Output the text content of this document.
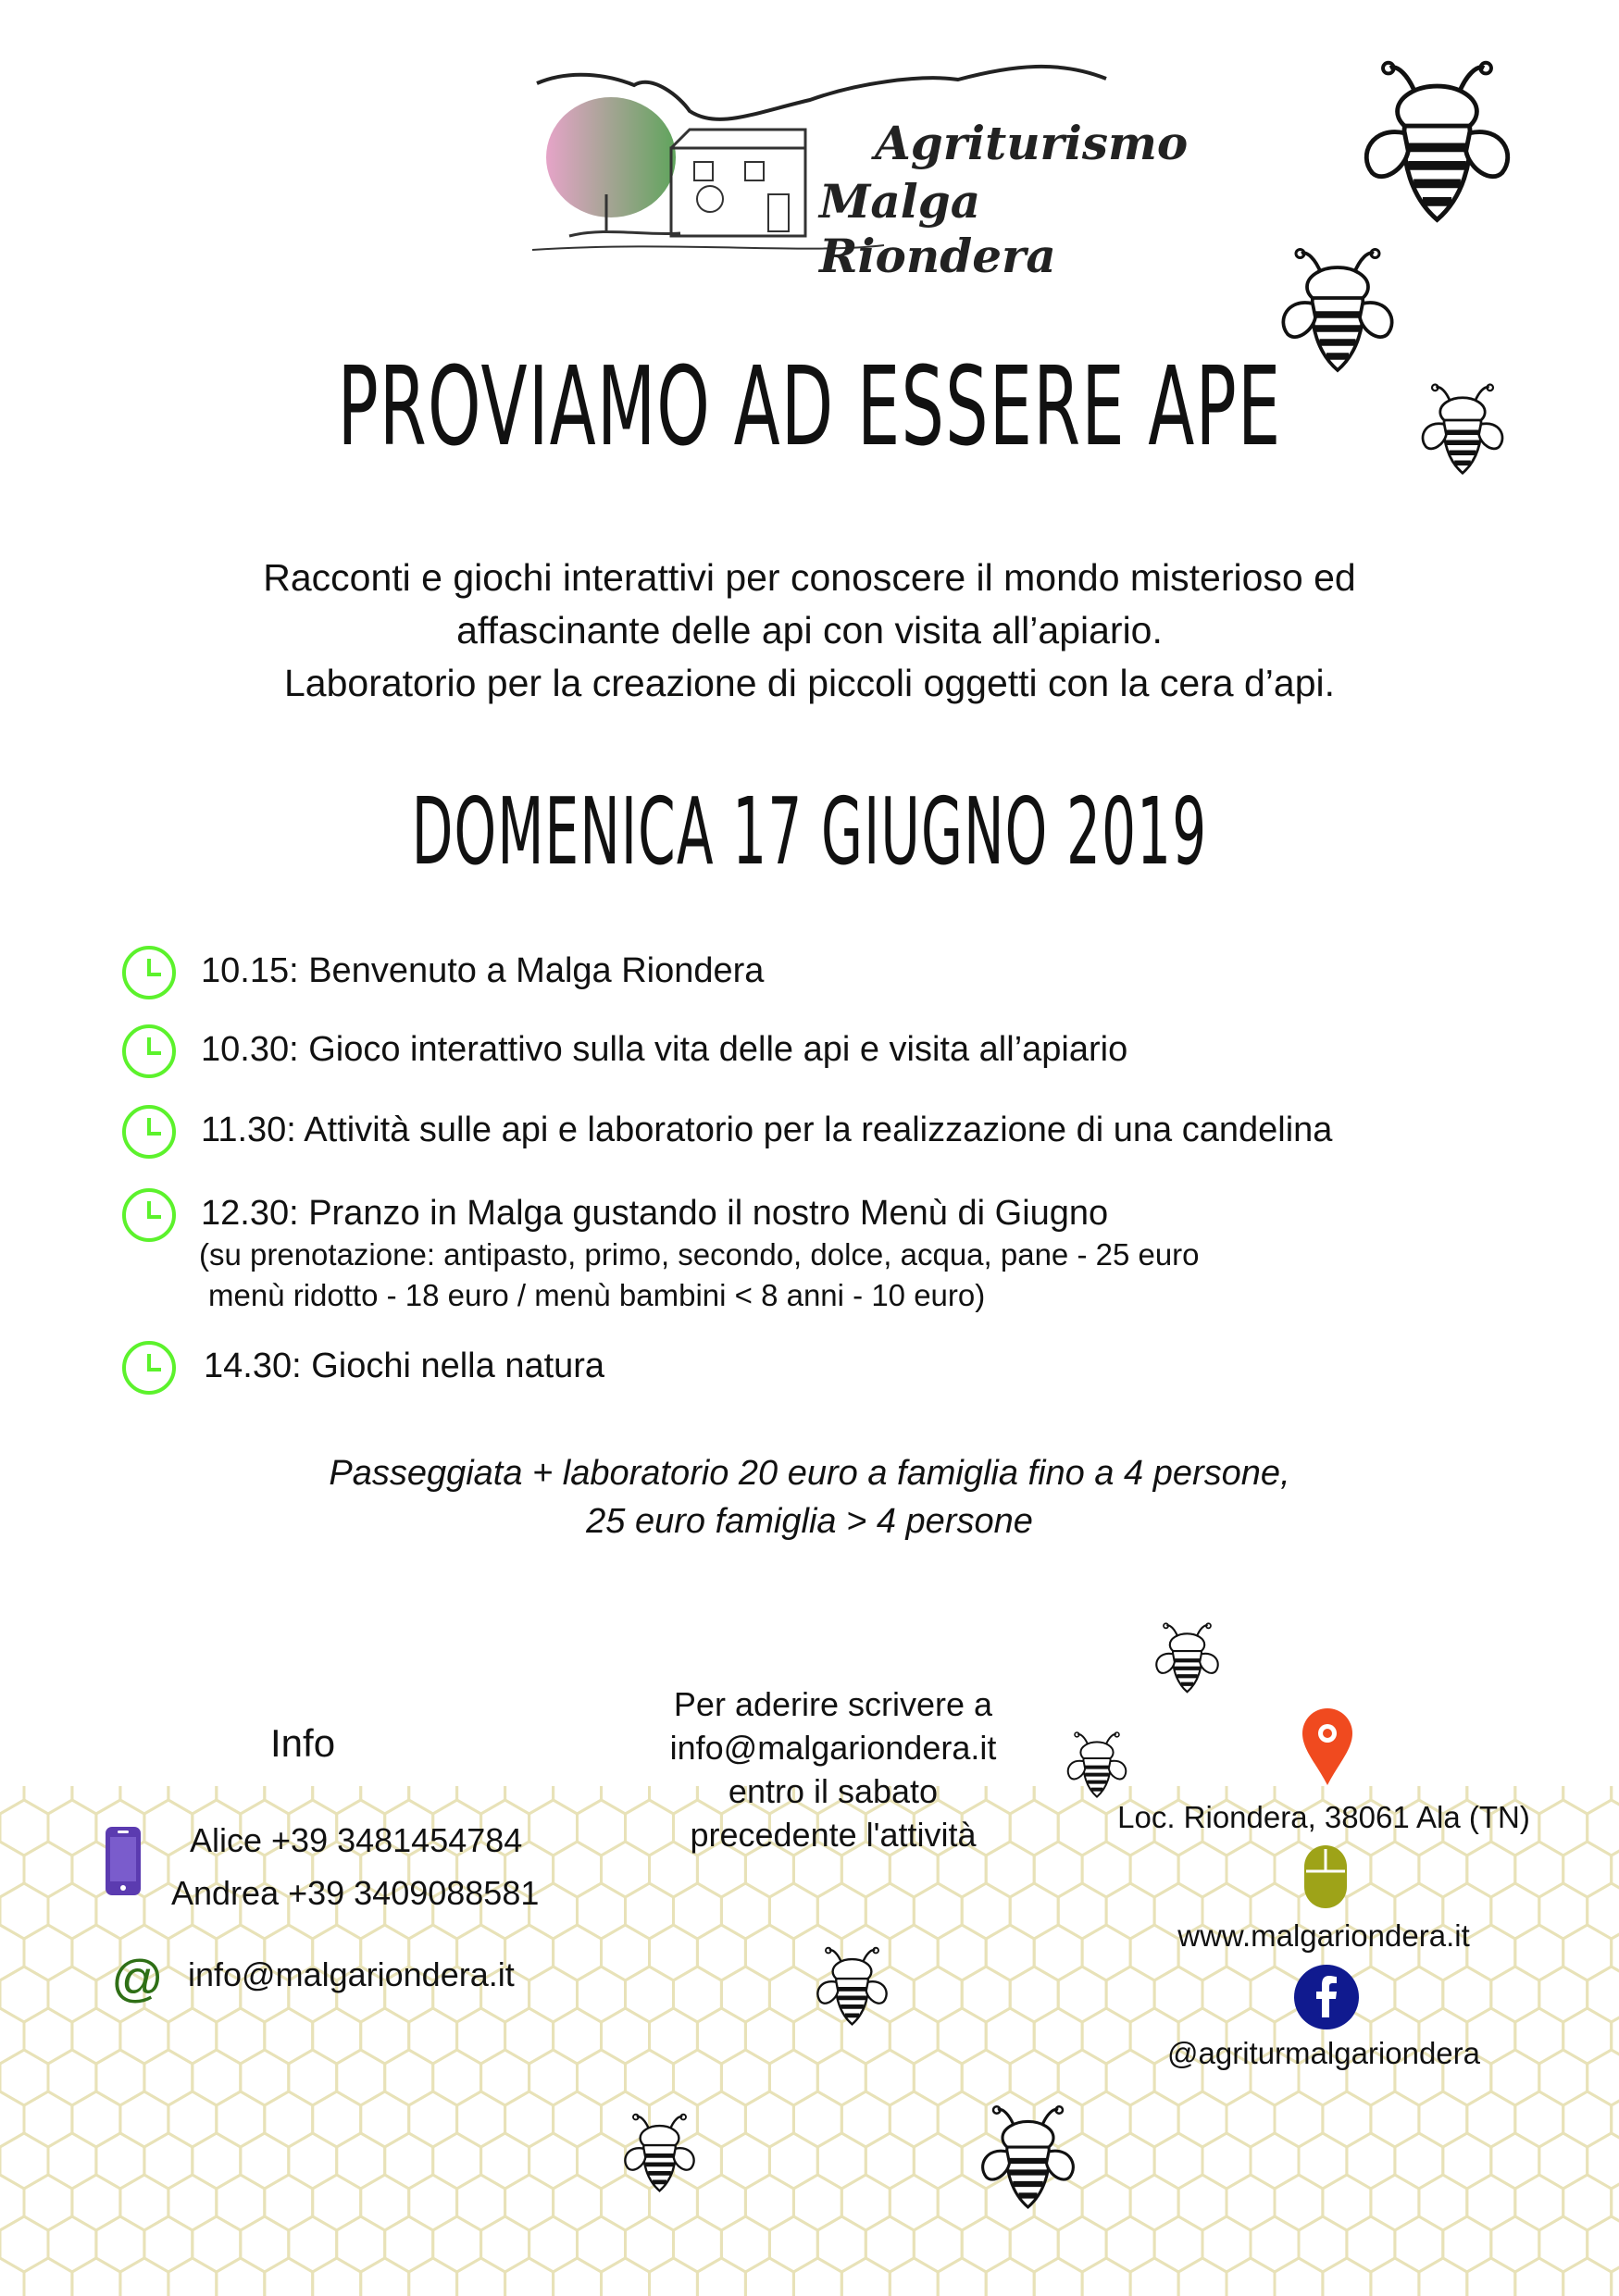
Agriturismo
Malga Riondera
PROVIAMO AD ESSERE APE
Racconti e giochi interattivi per conoscere il mondo misterioso ed
affascinante delle api con visita all’apiario.
Laboratorio per la creazione di piccoli oggetti con la cera d’api.
DOMENICA 17 GIUGNO 2019
10.15: Benvenuto a Malga Riondera
10.30: Gioco interattivo sulla vita delle api e visita all’apiario
11.30: Attività sulle api e laboratorio per la realizzazione di una candelina
12.30: Pranzo in Malga gustando il nostro Menù di Giugno
(su prenotazione: antipasto, primo, secondo, dolce, acqua, pane - 25 euro
menù ridotto - 18 euro / menù bambini < 8 anni - 10 euro)
14.30: Giochi nella natura
Passeggiata + laboratorio 20 euro a famiglia fino a 4 persone,
25 euro famiglia > 4 persone
Info
Alice +39 3481454784
Andrea +39 3409088581
@ info@malgariondera.it
Per aderire scrivere a
info@malgariondera.it
entro il sabato
precedente l'attività	Loc. Riondera, 38061 Ala (TN)
www.malgariondera.it
@agriturmalgariondera
